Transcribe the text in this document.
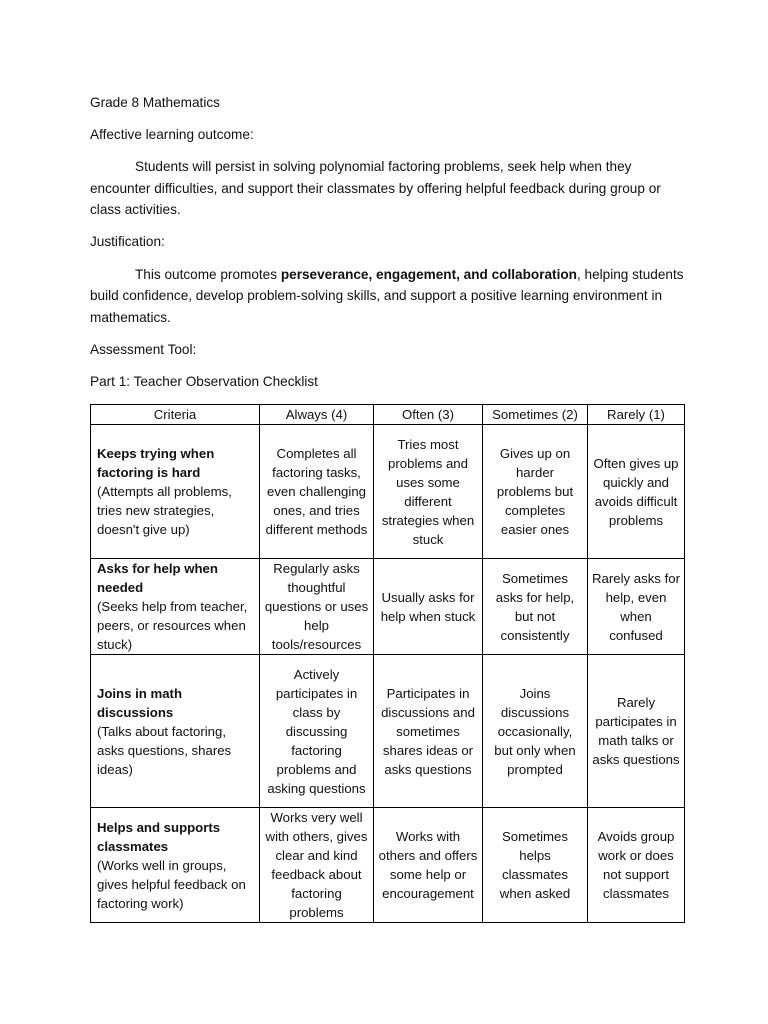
Grade 8 Mathematics

Affective learning outcome:

Students will persist in solving polynomial factoring problems, seek help when they encounter difficulties, and support their classmates by offering helpful feedback during group or class activities.

Justification:

This outcome promotes perseverance, engagement, and collaboration, helping students build confidence, develop problem-solving skills, and support a positive learning environment in mathematics.

Assessment Tool:

Part 1: Teacher Observation Checklist

Criteria	Always (4)	Often (3)	Sometimes (2)	Rarely (1)

Keeps trying when factoring is hard
(Attempts all problems, tries new strategies, doesn't give up)	Completes all factoring tasks, even challenging ones, and tries different methods	Tries most problems and uses some different strategies when stuck	Gives up on harder problems but completes easier ones	Often gives up quickly and avoids difficult problems

Asks for help when needed
(Seeks help from teacher, peers, or resources when stuck)	Regularly asks thoughtful questions or uses help tools/resources	Usually asks for help when stuck	Sometimes asks for help, but not consistently	Rarely asks for help, even when confused

Joins in math discussions
(Talks about factoring, asks questions, shares ideas)	Actively participates in class by discussing factoring problems and asking questions	Participates in discussions and sometimes shares ideas or asks questions	Joins discussions occasionally, but only when prompted	Rarely participates in math talks or asks questions

Helps and supports classmates
(Works well in groups, gives helpful feedback on factoring work)	Works very well with others, gives clear and kind feedback about factoring problems	Works with others and offers some help or encouragement	Sometimes helps classmates when asked	Avoids group work or does not support classmates
